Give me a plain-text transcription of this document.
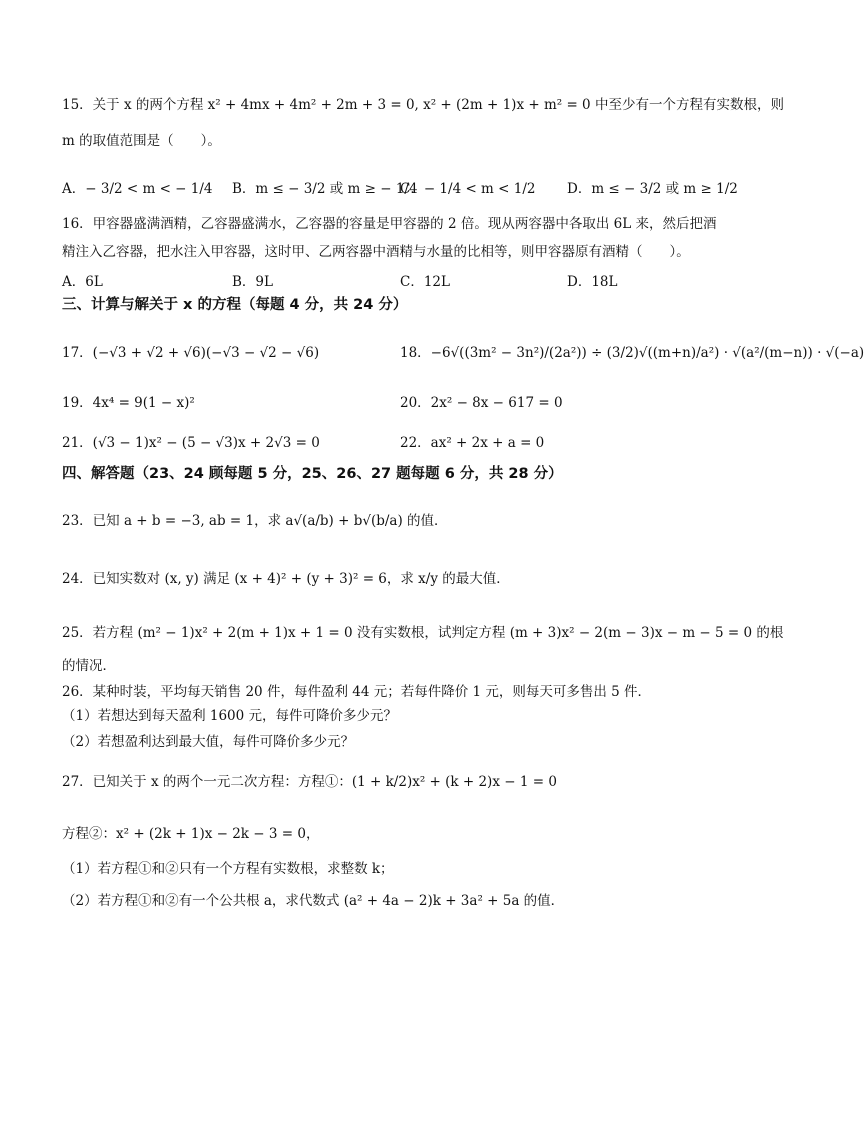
15．关于 x 的两个方程 x² + 4mx + 4m² + 2m + 3 = 0, x² + (2m + 1)x + m² = 0 中至少有一个方程有实数根，则
m 的取值范围是（　　）。
A．− 3/2 < m < − 1/4 B．m ≤ − 3/2 或 m ≥ − 1/4
C．− 1/4 < m < 1/2 D．m ≤ − 3/2 或 m ≥ 1/2
16．甲容器盛满酒精，乙容器盛满水，乙容器的容量是甲容器的 2 倍。现从两容器中各取出 6L 来，然后把酒
精注入乙容器，把水注入甲容器，这时甲、乙两容器中酒精与水量的比相等，则甲容器原有酒精（　　）。
A．6L	B．9L	C．12L	D．18L
三、计算与解关于 x 的方程（每题 4 分，共 24 分）
17．(−√3 + √2 + √6)(−√3 − √2 − √6)	18．−6√((3m² − 3n²)/(2a²)) ÷ (3/2)√((m+n)/a²) · √(a²/(m−n)) · √(−a)
19．4x⁴ = 9(1 − x)²	20．2x² − 8x − 617 = 0
21．(√3 − 1)x² − (5 − √3)x + 2√3 = 0	22．ax² + 2x + a = 0
四、解答题（23、24 顾每题 5 分，25、26、27 题每题 6 分，共 28 分）
23．已知 a + b = −3, ab = 1，求 a√(a/b) + b√(b/a) 的值．
24．已知实数对 (x, y) 满足 (x + 4)² + (y + 3)² = 6，求 x/y 的最大值．
25．若方程 (m² − 1)x² + 2(m + 1)x + 1 = 0 没有实数根，试判定方程 (m + 3)x² − 2(m − 3)x − m − 5 = 0 的根
的情况．
26．某种时装，平均每天销售 20 件，每件盈利 44 元；若每件降价 1 元，则每天可多售出 5 件．
（1）若想达到每天盈利 1600 元，每件可降价多少元？
（2）若想盈利达到最大值，每件可降价多少元？
27．已知关于 x 的两个一元二次方程：方程①：(1 + k/2)x² + (k + 2)x − 1 = 0
方程②：x² + (2k + 1)x − 2k − 3 = 0，
（1）若方程①和②只有一个方程有实数根，求整数 k；
（2）若方程①和②有一个公共根 a，求代数式 (a² + 4a − 2)k + 3a² + 5a 的值．
